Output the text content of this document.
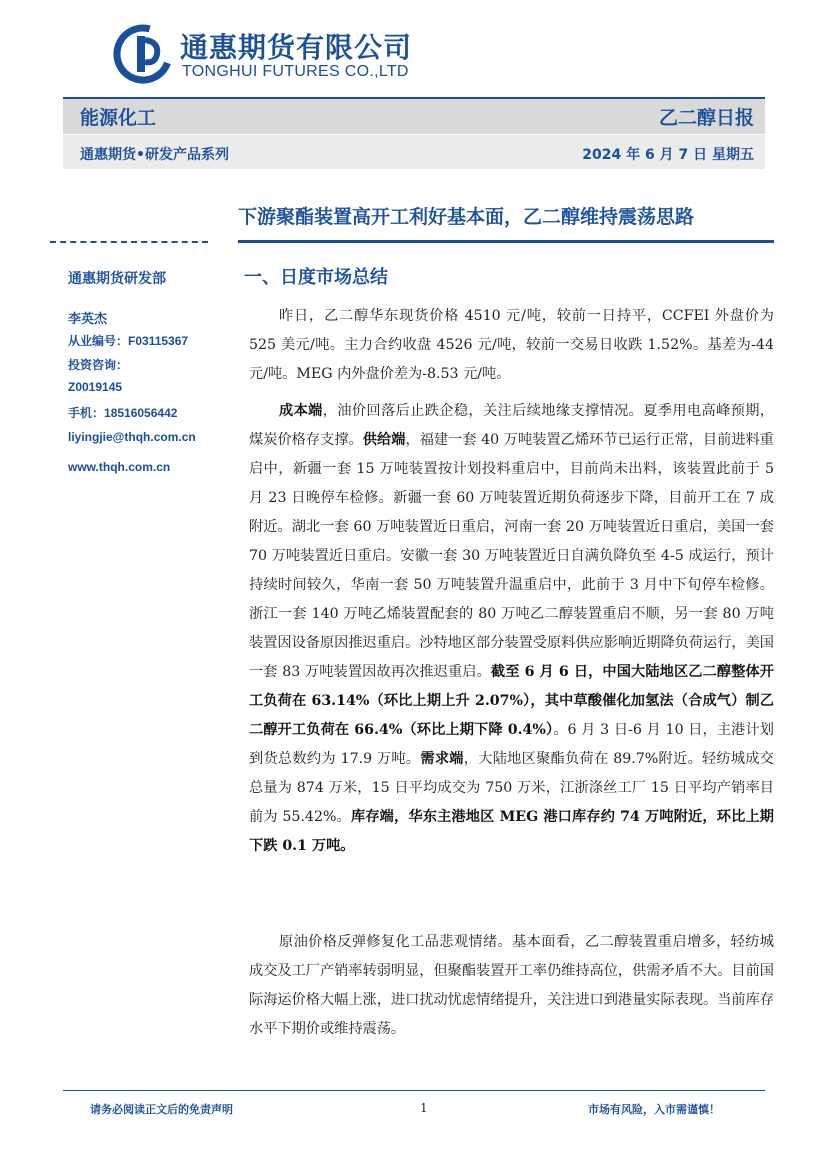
通惠期货有限公司
TONGHUI FUTURES CO.,LTD
能源化工	乙二醇日报
通惠期货•研发产品系列	2024 年 6 月 7 日 星期五
下游聚酯装置高开工利好基本面，乙二醇维持震荡思路
通惠期货研发部
李英杰
从业编号：F03115367
投资咨询：
Z0019145
手机：18516056442
liyingjie@thqh.com.cn
www.thqh.com.cn
一、日度市场总结
昨日，乙二醇华东现货价格 4510 元/吨，较前一日持平，CCFEI 外盘价为 525 美元/吨。主力合约收盘 4526 元/吨，较前一交易日收跌 1.52%。基差为-44 元/吨。MEG 内外盘价差为-8.53 元/吨。
成本端，油价回落后止跌企稳，关注后续地缘支撑情况。夏季用电高峰预期，煤炭价格存支撑。供给端，福建一套 40 万吨装置乙烯环节已运行正常，目前进料重启中，新疆一套 15 万吨装置按计划投料重启中，目前尚未出料，该装置此前于 5 月 23 日晚停车检修。新疆一套 60 万吨装置近期负荷逐步下降，目前开工在 7 成附近。湖北一套 60 万吨装置近日重启，河南一套 20 万吨装置近日重启，美国一套 70 万吨装置近日重启。安徽一套 30 万吨装置近日自满负降负至 4-5 成运行，预计持续时间较久，华南一套 50 万吨装置升温重启中，此前于 3 月中下旬停车检修。浙江一套 140 万吨乙烯装置配套的 80 万吨乙二醇装置重启不顺，另一套 80 万吨装置因设备原因推迟重启。沙特地区部分装置受原料供应影响近期降负荷运行，美国一套 83 万吨装置因故再次推迟重启。截至 6 月 6 日，中国大陆地区乙二醇整体开工负荷在 63.14%（环比上期上升 2.07%），其中草酸催化加氢法（合成气）制乙二醇开工负荷在 66.4%（环比上期下降 0.4%）。6 月 3 日-6 月 10 日，主港计划到货总数约为 17.9 万吨。需求端，大陆地区聚酯负荷在 89.7%附近。轻纺城成交总量为 874 万米，15 日平均成交为 750 万米，江浙涤丝工厂 15 日平均产销率目前为 55.42%。库存端，华东主港地区 MEG 港口库存约 74 万吨附近，环比上期下跌 0.1 万吨。
原油价格反弹修复化工品悲观情绪。基本面看，乙二醇装置重启增多，轻纺城成交及工厂产销率转弱明显，但聚酯装置开工率仍维持高位，供需矛盾不大。目前国际海运价格大幅上涨，进口扰动忧虑情绪提升，关注进口到港量实际表现。当前库存水平下期价或维持震荡。
请务必阅读正文后的免责声明	1	市场有风险，入市需谨慎！
